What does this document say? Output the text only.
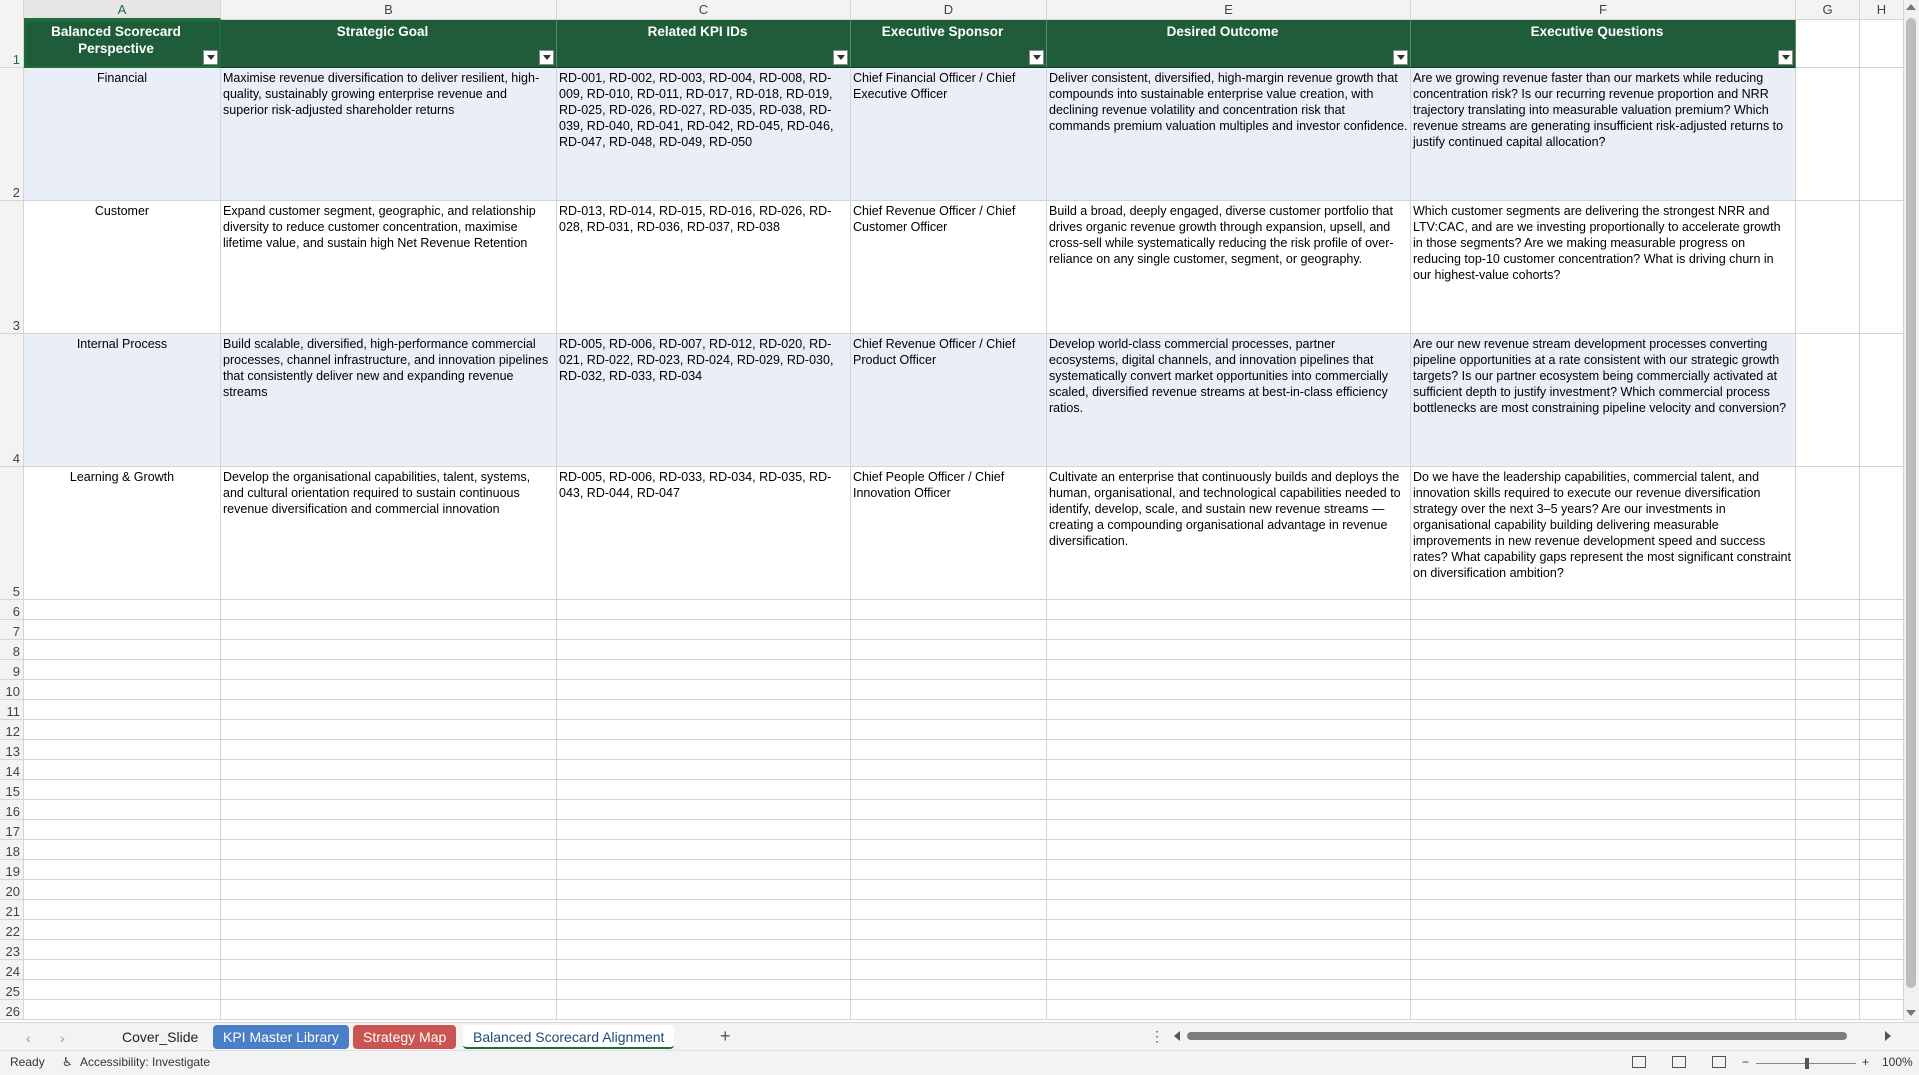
A	B	C	D	E	F	G	H
1
Balanced Scorecard Perspective
Strategic Goal	Related KPI IDs	Executive Sponsor	Desired Outcome	Executive Questions
2
Financial	Maximise revenue diversification to deliver resilient, high-quality, sustainably growing enterprise revenue and superior risk-adjusted shareholder returns
RD-001, RD-002, RD-003, RD-004, RD-008, RD-009, RD-010, RD-011, RD-017, RD-018, RD-019, RD-025, RD-026, RD-027, RD-035, RD-038, RD-039, RD-040, RD-041, RD-042, RD-045, RD-046, RD-047, RD-048, RD-049, RD-050
Chief Financial Officer / Chief Executive Officer
Deliver consistent, diversified, high-margin revenue growth that compounds into sustainable enterprise value creation, with declining revenue volatility and concentration risk that commands premium valuation multiples and investor confidence.
Are we growing revenue faster than our markets while reducing concentration risk? Is our recurring revenue proportion and NRR trajectory translating into measurable valuation premium? Which revenue streams are generating insufficient risk-adjusted returns to justify continued capital allocation?
3
Customer	Expand customer segment, geographic, and relationship diversity to reduce customer concentration, maximise lifetime value, and sustain high Net Revenue Retention
RD-013, RD-014, RD-015, RD-016, RD-026, RD-028, RD-031, RD-036, RD-037, RD-038
Chief Revenue Officer / Chief Customer Officer
Build a broad, deeply engaged, diverse customer portfolio that drives organic revenue growth through expansion, upsell, and cross-sell while systematically reducing the risk profile of over-reliance on any single customer, segment, or geography.
Which customer segments are delivering the strongest NRR and LTV:CAC, and are we investing proportionally to accelerate growth in those segments? Are we making measurable progress on reducing top-10 customer concentration? What is driving churn in our highest-value cohorts?
4
Internal Process	Build scalable, diversified, high-performance commercial processes, channel infrastructure, and innovation pipelines that consistently deliver new and expanding revenue streams
RD-005, RD-006, RD-007, RD-012, RD-020, RD-021, RD-022, RD-023, RD-024, RD-029, RD-030, RD-032, RD-033, RD-034
Chief Revenue Officer / Chief Product Officer
Develop world-class commercial processes, partner ecosystems, digital channels, and innovation pipelines that systematically convert market opportunities into commercially scaled, diversified revenue streams at best-in-class efficiency ratios.
Are our new revenue stream development processes converting pipeline opportunities at a rate consistent with our strategic growth targets? Is our partner ecosystem being commercially activated at sufficient depth to justify investment? Which commercial process bottlenecks are most constraining pipeline velocity and conversion?
5
Learning & Growth	Develop the organisational capabilities, talent, systems, and cultural orientation required to sustain continuous revenue diversification and commercial innovation
RD-005, RD-006, RD-033, RD-034, RD-035, RD-043, RD-044, RD-047
Chief People Officer / Chief Innovation Officer
Cultivate an enterprise that continuously builds and deploys the human, organisational, and technological capabilities needed to identify, develop, scale, and sustain new revenue streams — creating a compounding organisational advantage in revenue diversification.
Do we have the leadership capabilities, commercial talent, and innovation skills required to execute our revenue diversification strategy over the next 3–5 years? Are our investments in organisational capability building delivering measurable improvements in new revenue development speed and success rates? What capability gaps represent the most significant constraint on diversification ambition?
6
7
8
9
10
11
12
13
14
15
16
17
18
19
20
21
22
23
24
25
26
‹ ›	Cover_Slide	KPI Master Library	Strategy Map	Balanced Scorecard Alignment	+	⋮
Ready ♿︎ Accessibility: Investigate	−	+ 100%
